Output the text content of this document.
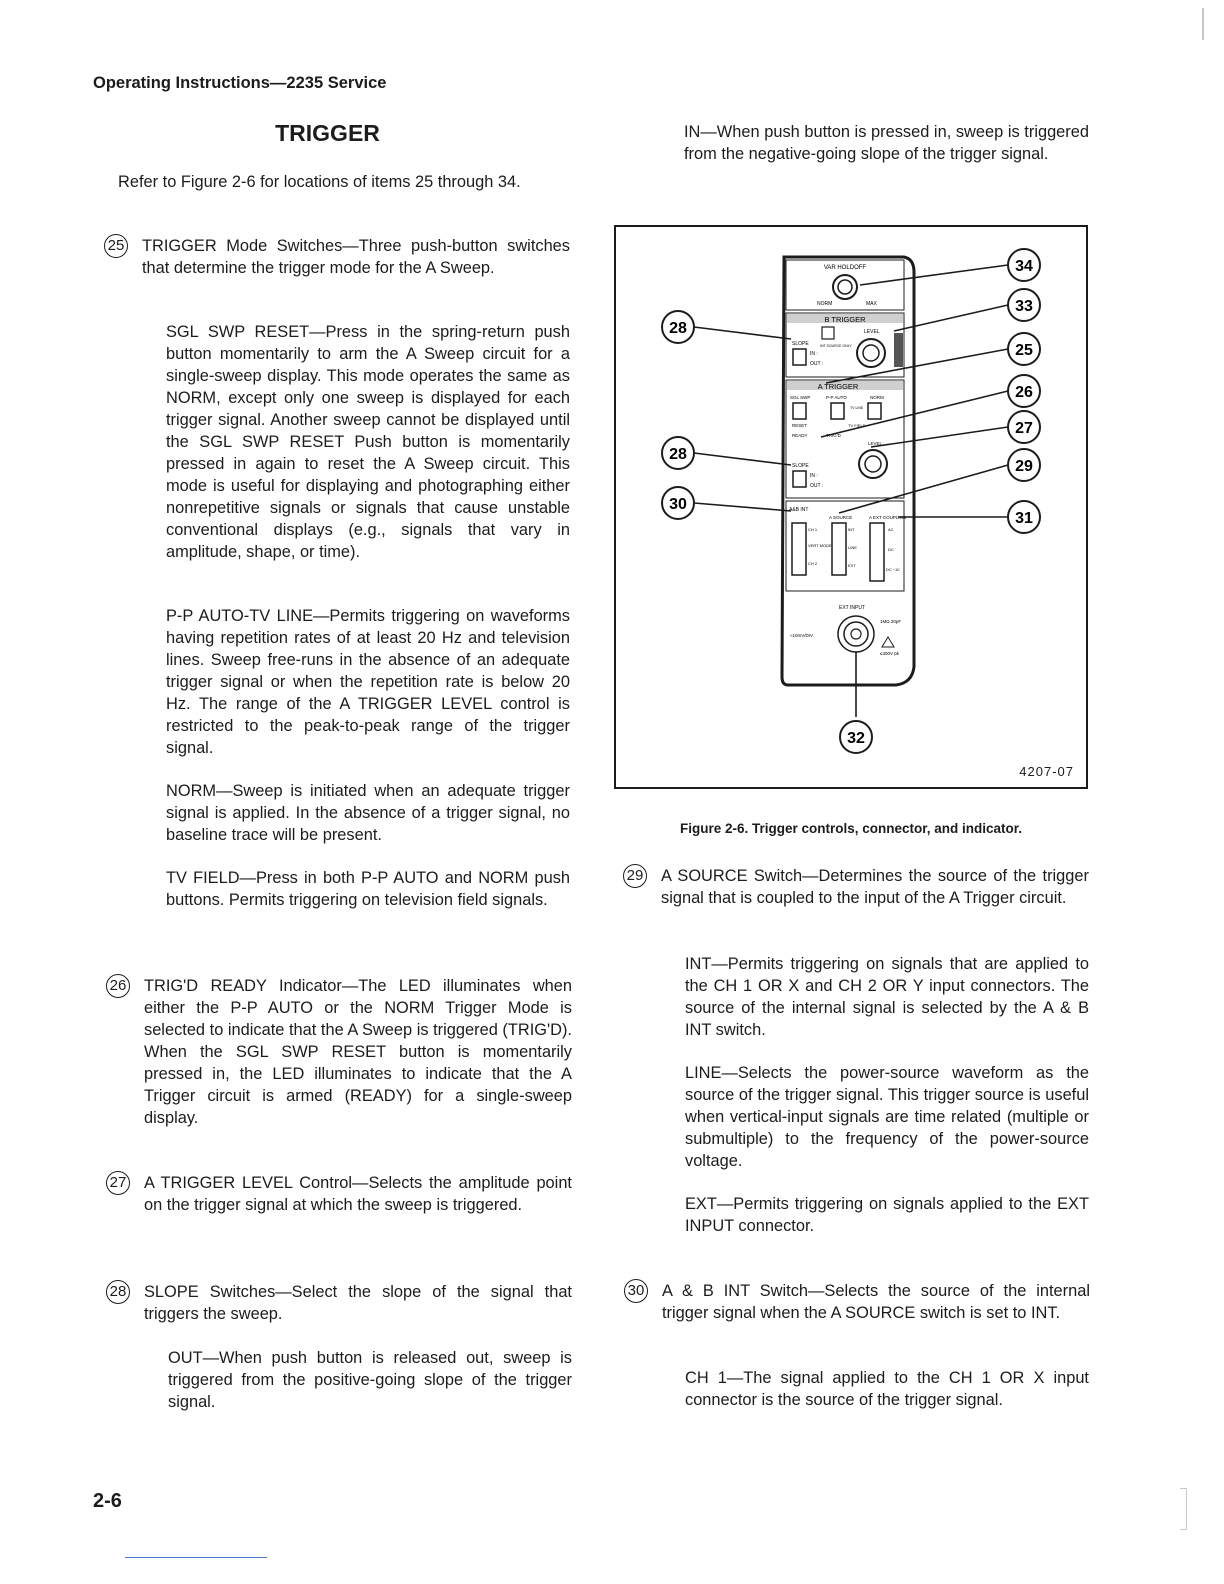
Operating Instructions—2235 Service
TRIGGER
Refer to Figure 2-6 for locations of items 25 through 34.
25 TRIGGER Mode Switches—Three push-button switches that determine the trigger mode for the A Sweep.
SGL SWP RESET—Press in the spring-return push button momentarily to arm the A Sweep circuit for a single-sweep display. This mode operates the same as NORM, except only one sweep is displayed for each trigger signal. Another sweep cannot be displayed until the SGL SWP RESET Push button is momentarily pressed in again to reset the A Sweep circuit. This mode is useful for displaying and photographing either nonrepetitive signals or signals that cause unstable conventional displays (e.g., signals that vary in amplitude, shape, or time).
P-P AUTO-TV LINE—Permits triggering on waveforms having repetition rates of at least 20 Hz and television lines. Sweep free-runs in the absence of an adequate trigger signal or when the repetition rate is below 20 Hz. The range of the A TRIGGER LEVEL control is restricted to the peak-to-peak range of the trigger signal.
NORM—Sweep is initiated when an adequate trigger signal is applied. In the absence of a trigger signal, no baseline trace will be present.
TV FIELD—Press in both P-P AUTO and NORM push buttons. Permits triggering on television field signals.
26 TRIG'D READY Indicator—The LED illuminates when either the P-P AUTO or the NORM Trigger Mode is selected to indicate that the A Sweep is triggered (TRIG'D). When the SGL SWP RESET button is momentarily pressed in, the LED illuminates to indicate that the A Trigger circuit is armed (READY) for a single-sweep display.
27 A TRIGGER LEVEL Control—Selects the amplitude point on the trigger signal at which the sweep is triggered.
28 SLOPE Switches—Select the slope of the signal that triggers the sweep.
OUT—When push button is released out, sweep is triggered from the positive-going slope of the trigger signal.
IN—When push button is pressed in, sweep is triggered from the negative-going slope of the trigger signal.
VAR HOLDOFF
NORM	MAX
B TRIGGER
INT SOURCE ONLY
LEVEL
SLOPE
IN :
OUT :
A TRIGGER
SGL SWP	P-P AUTO	NORM
TV LINE
RESET	TV FIELD
READY	TRIG'D
LEVEL
SLOPE
IN :
OUT :
A&B INT
A SOURCE	A EXT COUPLING
CH 1
VERT MODE
CH 2
INT
LINE
EXT
AC
DC
DC ÷10
EXT INPUT
≈10mV/DIV
1MΩ 20pF
≤400V pk
28
28
30
34
33
25
26
27
29
31
32
4207-07
Figure 2-6. Trigger controls, connector, and indicator.
29 A SOURCE Switch—Determines the source of the trigger signal that is coupled to the input of the A Trigger circuit.
INT—Permits triggering on signals that are applied to the CH 1 OR X and CH 2 OR Y input connectors. The source of the internal signal is selected by the A & B INT switch.
LINE—Selects the power-source waveform as the source of the trigger signal. This trigger source is useful when vertical-input signals are time related (multiple or submultiple) to the frequency of the power-source voltage.
EXT—Permits triggering on signals applied to the EXT INPUT connector.
30 A & B INT Switch—Selects the source of the internal trigger signal when the A SOURCE switch is set to INT.
CH 1—The signal applied to the CH 1 OR X input connector is the source of the trigger signal.
2-6
